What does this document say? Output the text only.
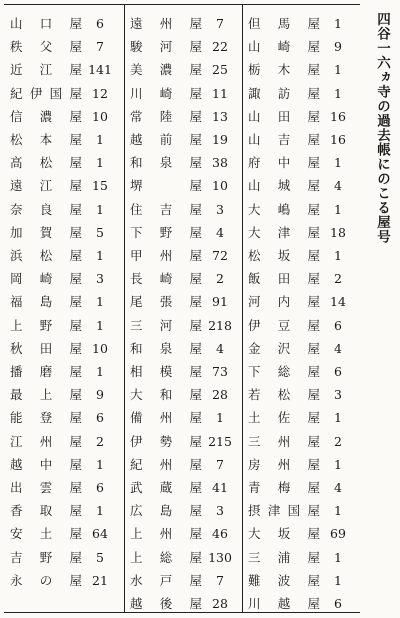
山 口 屋	6
秩 父 屋	7
近 江 屋 141
紀 伊 国 屋 12
信 濃 屋 10
松 本 屋	1
高 松 屋	1
遠 江 屋 15
奈 良 屋	1
加 賀 屋	5
浜 松 屋	1
岡 崎 屋	3
福 島 屋	1
上 野 屋	1
秋 田 屋 10
播 磨 屋	1
最 上 屋	9
能 登 屋	6
江 州 屋	2
越 中 屋	1
出 雲 屋	6
香 取 屋	1
安 土 屋 64
吉 野 屋	5
永 の 屋 21
遠 州 屋	7
駿 河 屋 22
美 濃 屋 25
川 崎 屋 11
常 陸 屋 13
越 前 屋 19
和 泉 屋 38
堺	屋 10
住 吉 屋	3
下 野 屋	4
甲 州 屋 72
長 崎 屋	2
尾 張 屋 91
三 河 屋 218
和 泉 屋	4
相 模 屋 73
大 和 屋 28
備 州 屋	1
伊 勢 屋 215
紀 州 屋	7
武 蔵 屋 41
広 島 屋	3
上 州 屋 46
上 総 屋 130
水 戸 屋	7
越 後 屋 28
但 馬 屋	1
山 崎 屋	9
栃 木 屋	1
諏 訪 屋	1
山 田 屋 16
山 吉 屋 16
府 中 屋	1
山 城 屋	4
大 嶋 屋	1
大 津 屋 18
松 坂 屋	1
飯 田 屋	2
河 内 屋 14
伊 豆 屋	6
金 沢 屋	4
下 総 屋	6
若 松 屋	3
土 佐 屋	1
三 州 屋	2
房 州 屋	1
青 梅 屋	4
摂 津 国 屋	1
大 坂 屋 69
三 浦 屋	1
難 波 屋	1
川 越 屋	6
四谷一六ヵ寺の過去帳にのこる屋号
